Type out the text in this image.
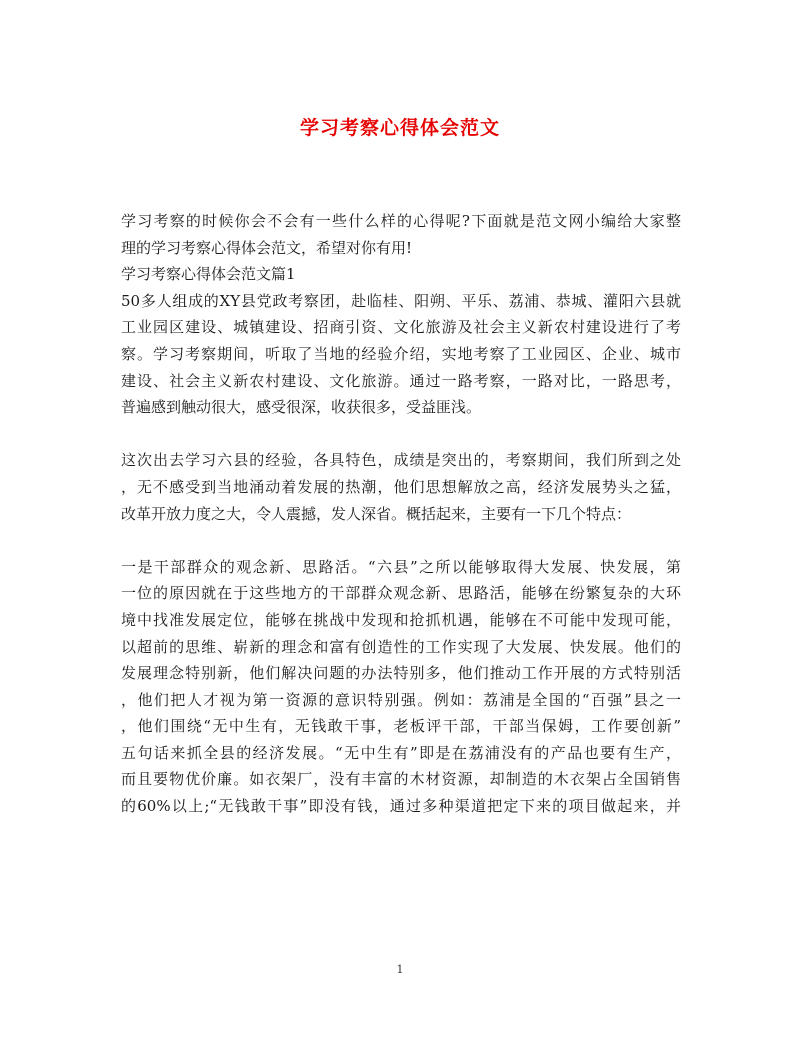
学习考察心得体会范文
学习考察的时候你会不会有一些什么样的心得呢?下面就是范文网小编给大家整
理的学习考察心得体会范文，希望对你有用!
学习考察心得体会范文篇1
50多人组成的XY县党政考察团，赴临桂、阳朔、平乐、荔浦、恭城、灌阳六县就
工业园区建设、城镇建设、招商引资、文化旅游及社会主义新农村建设进行了考
察。学习考察期间，听取了当地的经验介绍，实地考察了工业园区、企业、城市
建设、社会主义新农村建设、文化旅游。通过一路考察，一路对比，一路思考，
普遍感到触动很大，感受很深，收获很多，受益匪浅。
这次出去学习六县的经验，各具特色，成绩是突出的，考察期间，我们所到之处
，无不感受到当地涌动着发展的热潮，他们思想解放之高，经济发展势头之猛，
改革开放力度之大，令人震撼，发人深省。概括起来，主要有一下几个特点：
一是干部群众的观念新、思路活。“六县”之所以能够取得大发展、快发展，第
一位的原因就在于这些地方的干部群众观念新、思路活，能够在纷繁复杂的大环
境中找准发展定位，能够在挑战中发现和抢抓机遇，能够在不可能中发现可能，
以超前的思维、崭新的理念和富有创造性的工作实现了大发展、快发展。他们的
发展理念特别新，他们解决问题的办法特别多，他们推动工作开展的方式特别活
，他们把人才视为第一资源的意识特别强。例如：荔浦是全国的“百强”县之一
，他们围绕“无中生有，无钱敢干事，老板评干部，干部当保姆，工作要创新”
五句话来抓全县的经济发展。“无中生有”即是在荔浦没有的产品也要有生产，
而且要物优价廉。如衣架厂，没有丰富的木材资源，却制造的木衣架占全国销售
的60%以上;“无钱敢干事”即没有钱，通过多种渠道把定下来的项目做起来，并
1
